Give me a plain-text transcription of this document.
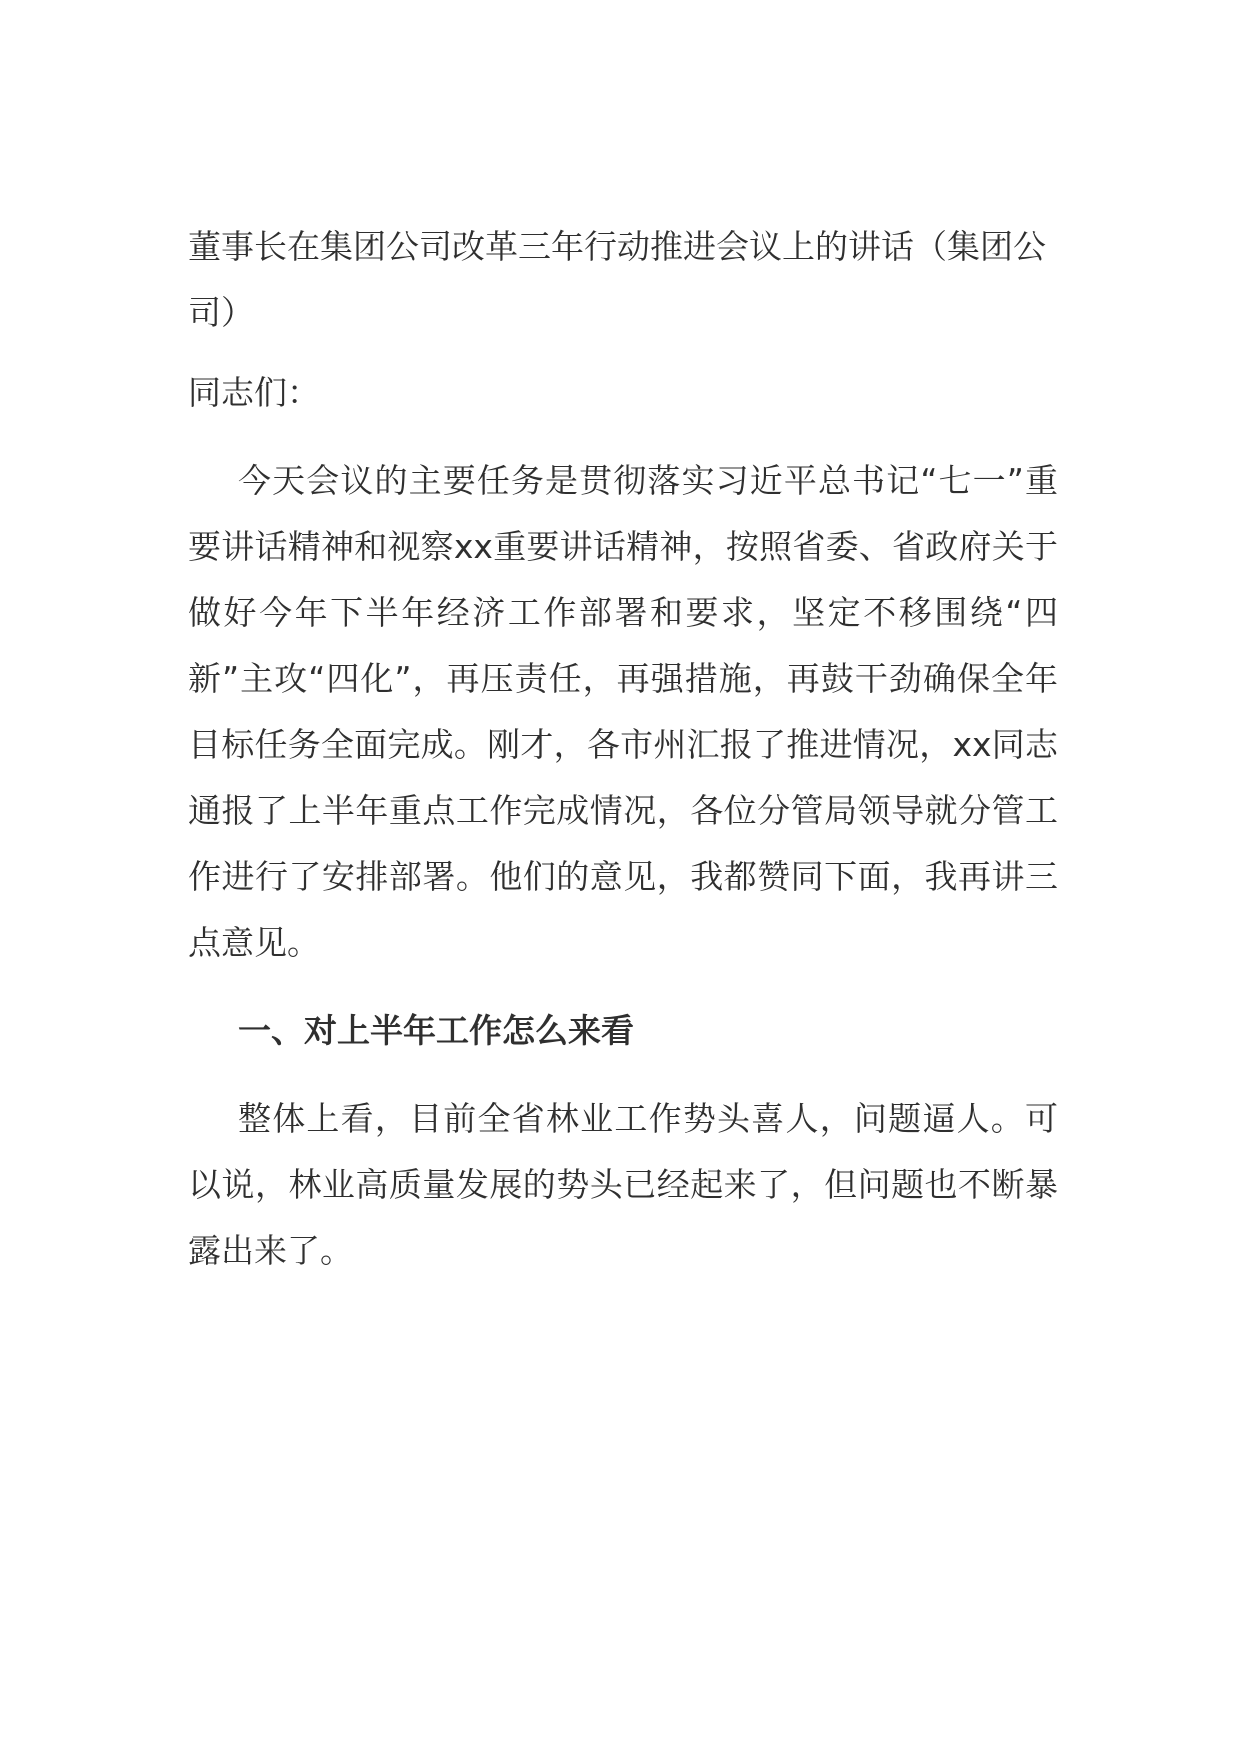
董事长在集团公司改革三年行动推进会议上的讲话（集团公司）

同志们：

今天会议的主要任务是贯彻落实习近平总书记“七一”重要讲话精神和视察xx重要讲话精神，按照省委、省政府关于做好今年下半年经济工作部署和要求，坚定不移围绕“四新”主攻“四化”，再压责任，再强措施，再鼓干劲确保全年目标任务全面完成。刚才，各市州汇报了推进情况，xx同志通报了上半年重点工作完成情况，各位分管局领导就分管工作进行了安排部署。他们的意见，我都赞同下面，我再讲三点意见。

一、对上半年工作怎么来看

整体上看，目前全省林业工作势头喜人，问题逼人。可以说，林业高质量发展的势头已经起来了，但问题也不断暴露出来了。
